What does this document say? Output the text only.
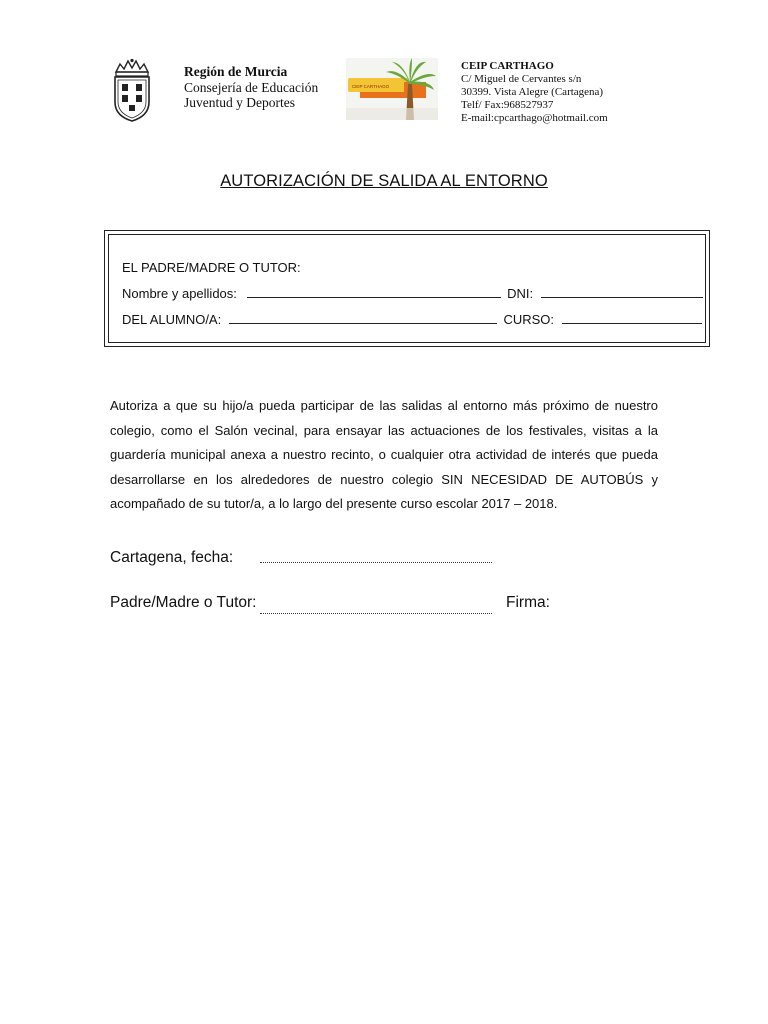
Región de Murcia
Consejería de Educación
Juventud y Deportes
CEIP CARTHAGO
CEIP CARTHAGO
C/ Miguel de Cervantes s/n
30399. Vista Alegre (Cartagena)
Telf/ Fax:968527937
E-mail:cpcarthago@hotmail.com
AUTORIZACIÓN DE SALIDA AL ENTORNO
EL PADRE/MADRE O TUTOR:
Nombre y apellidos:	DNI:
DEL ALUMNO/A:	CURSO:
Autoriza a que su hijo/a pueda participar de las salidas al entorno más próximo de nuestro colegio, como el Salón vecinal, para ensayar las actuaciones de los festivales, visitas a la guardería municipal anexa a nuestro recinto, o cualquier otra actividad de interés que pueda desarrollarse en los alrededores de nuestro colegio SIN NECESIDAD DE AUTOBÚS y acompañado de su tutor/a, a lo largo del presente curso escolar 2017 – 2018.
Cartagena, fecha:
Padre/Madre o Tutor:	Firma:
